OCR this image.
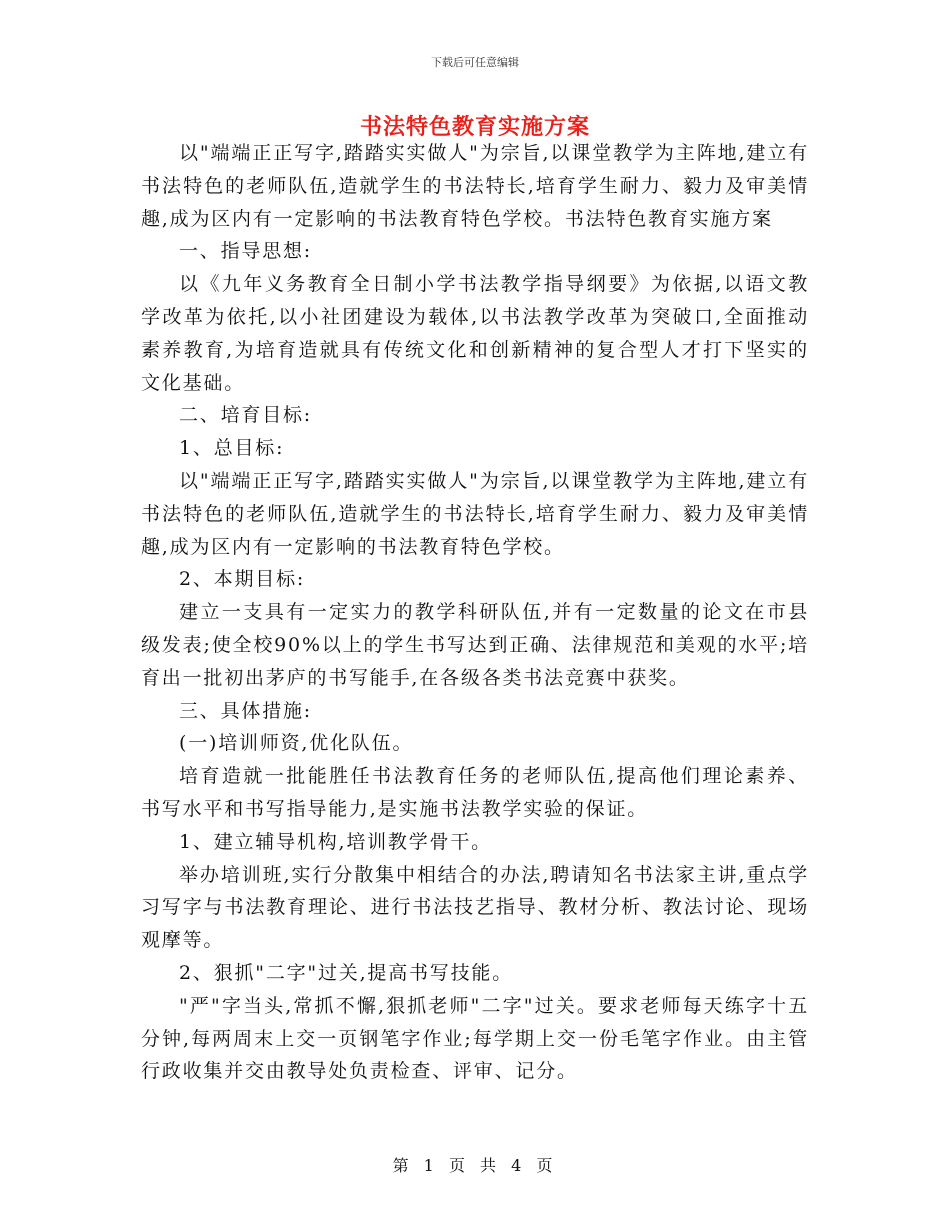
下载后可任意编辑
书法特色教育实施方案

以"端端正正写字,踏踏实实做人"为宗旨,以课堂教学为主阵地,建立有书法特色的老师队伍,造就学生的书法特长,培育学生耐力、毅力及审美情趣,成为区内有一定影响的书法教育特色学校。书法特色教育实施方案

一、指导思想:

以《九年义务教育全日制小学书法教学指导纲要》为依据,以语文教学改革为依托,以小社团建设为载体,以书法教学改革为突破口,全面推动素养教育,为培育造就具有传统文化和创新精神的复合型人才打下坚实的文化基础。

二、培育目标:

1、总目标:

以"端端正正写字,踏踏实实做人"为宗旨,以课堂教学为主阵地,建立有书法特色的老师队伍,造就学生的书法特长,培育学生耐力、毅力及审美情趣,成为区内有一定影响的书法教育特色学校。

2、本期目标:

建立一支具有一定实力的教学科研队伍,并有一定数量的论文在市县级发表;使全校90%以上的学生书写达到正确、法律规范和美观的水平;培育出一批初出茅庐的书写能手,在各级各类书法竞赛中获奖。

三、具体措施:

(一)培训师资,优化队伍。

培育造就一批能胜任书法教育任务的老师队伍,提高他们理论素养、书写水平和书写指导能力,是实施书法教学实验的保证。

1、建立辅导机构,培训教学骨干。

举办培训班,实行分散集中相结合的办法,聘请知名书法家主讲,重点学习写字与书法教育理论、进行书法技艺指导、教材分析、教法讨论、现场观摩等。

2、狠抓"二字"过关,提高书写技能。

"严"字当头,常抓不懈,狠抓老师"二字"过关。要求老师每天练字十五分钟,每两周末上交一页钢笔字作业;每学期上交一份毛笔字作业。由主管行政收集并交由教导处负责检查、评审、记分。

第 1 页 共 4 页
